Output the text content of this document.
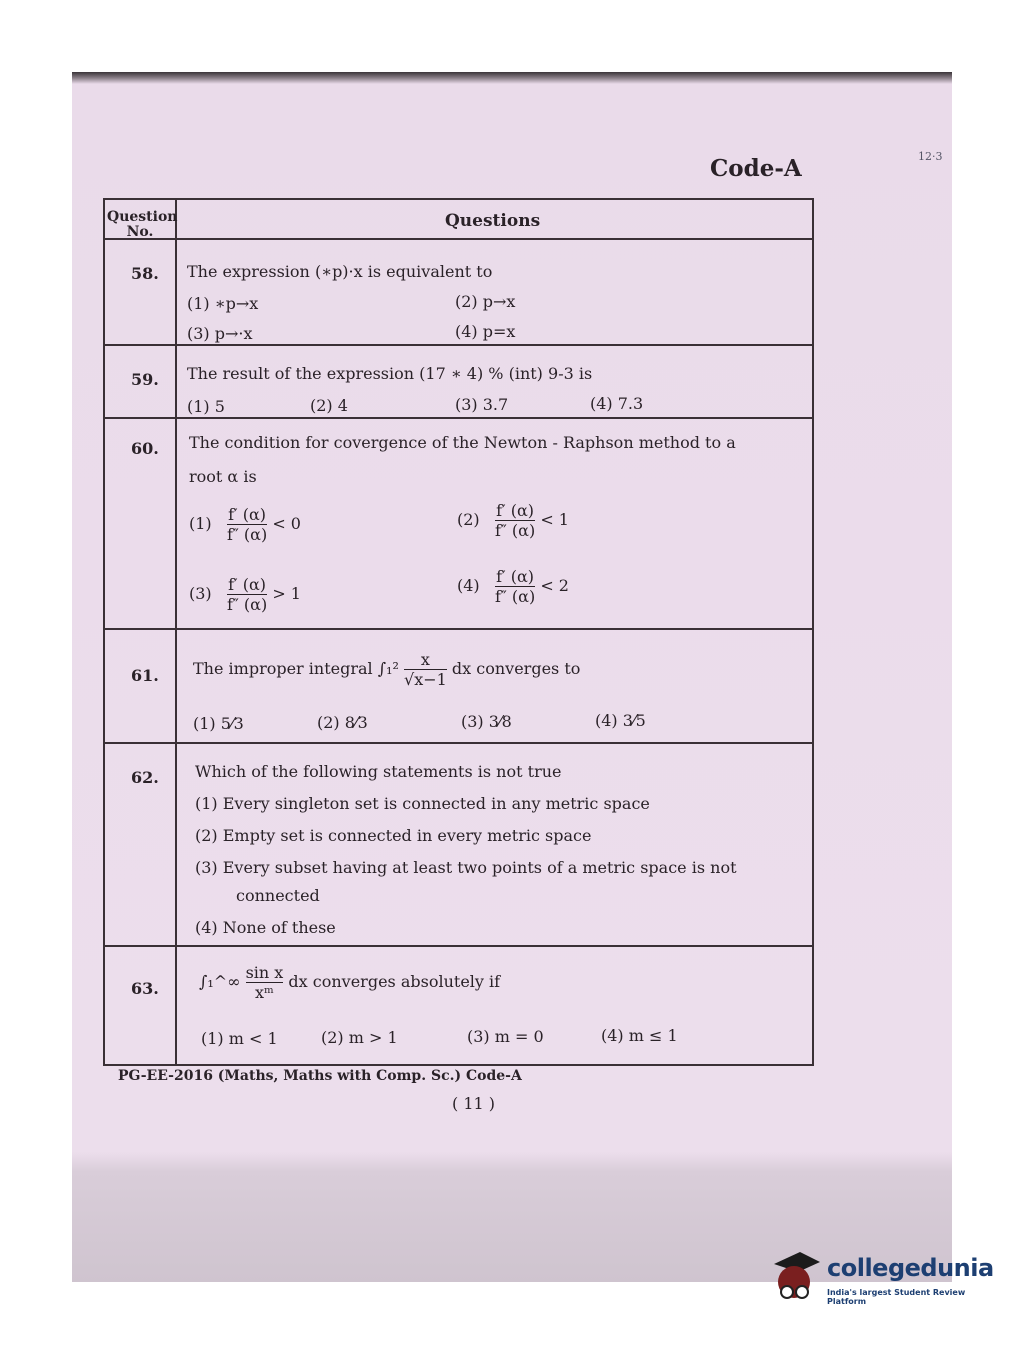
12·3
Code-A
Question No.
Questions
58. The expression (∗p)·x is equivalent to
(1) ∗p→x	(2) p→x
(3) p→·x	(4) p=x
59. The result of the expression (17 ∗ 4) % (int) 9-3 is
(1) 5	(2) 4	(3) 3.7	(4) 7.3
60. The condition for covergence of the Newton - Raphson method to a
root α is
$(1) \frac{f' (\alpha)}{f'' (\alpha)} < 0$	$(2) \frac{f' (\alpha)}{f'' (\alpha)} < 1$
$(3) \frac{f' (\alpha)}{f'' (\alpha)} > 1$	$(4) \frac{f' (\alpha)}{f'' (\alpha)} < 2$
61. The improper integral $\int_1^2 \frac{x}{√x-1}$ dx converges to
(1) 5⁄3	(2) 8⁄3	(3) 3⁄8	(4) 3⁄5
62. Which of the following statements is not true
(1) Every singleton set is connected in any metric space
(2) Empty set is connected in every metric space
(3) Every subset having at least two points of a metric space is not
connected
(4) None of these
63.	∫₁^∞ $\frac{\text{sin x}}{\text{xᵐ}}$ dx converges absolutely if
(1) m < 1	(2) m > 1	(3) m = 0	(4) m ≤ 1
PG-EE-2016 (Maths, Maths with Comp. Sc.) Code-A
( 11 )
collegedunia
India's largest Student Review Platform
